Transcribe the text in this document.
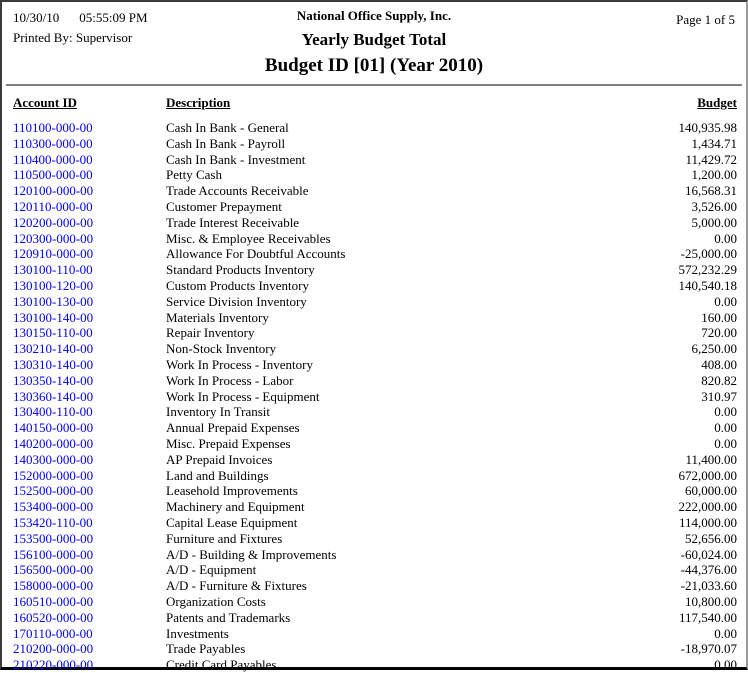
10/30/10 05:55:09 PM
Printed By: Supervisor
National Office Supply, Inc.
Yearly Budget Total
Budget ID [01] (Year 2010)
Page 1 of 5
Account ID	Description	Budget
110100-000-00	Cash In Bank - General	140,935.98
110300-000-00	Cash In Bank - Payroll	1,434.71
110400-000-00	Cash In Bank - Investment	11,429.72
110500-000-00	Petty Cash	1,200.00
120100-000-00	Trade Accounts Receivable	16,568.31
120110-000-00	Customer Prepayment	3,526.00
120200-000-00	Trade Interest Receivable	5,000.00
120300-000-00	Misc. & Employee Receivables	0.00
120910-000-00	Allowance For Doubtful Accounts	-25,000.00
130100-110-00	Standard Products Inventory	572,232.29
130100-120-00	Custom Products Inventory	140,540.18
130100-130-00	Service Division Inventory	0.00
130100-140-00	Materials Inventory	160.00
130150-110-00	Repair Inventory	720.00
130210-140-00	Non-Stock Inventory	6,250.00
130310-140-00	Work In Process - Inventory	408.00
130350-140-00	Work In Process - Labor	820.82
130360-140-00	Work In Process - Equipment	310.97
130400-110-00	Inventory In Transit	0.00
140150-000-00	Annual Prepaid Expenses	0.00
140200-000-00	Misc. Prepaid Expenses	0.00
140300-000-00	AP Prepaid Invoices	11,400.00
152000-000-00	Land and Buildings	672,000.00
152500-000-00	Leasehold Improvements	60,000.00
153400-000-00	Machinery and Equipment	222,000.00
153420-110-00	Capital Lease Equipment	114,000.00
153500-000-00	Furniture and Fixtures	52,656.00
156100-000-00	A/D - Building & Improvements	-60,024.00
156500-000-00	A/D - Equipment	-44,376.00
158000-000-00	A/D - Furniture & Fixtures	-21,033.60
160510-000-00	Organization Costs	10,800.00
160520-000-00	Patents and Trademarks	117,540.00
170110-000-00	Investments	0.00
210200-000-00	Trade Payables	-18,970.07
210220-000-00	Credit Card Payables	0.00
